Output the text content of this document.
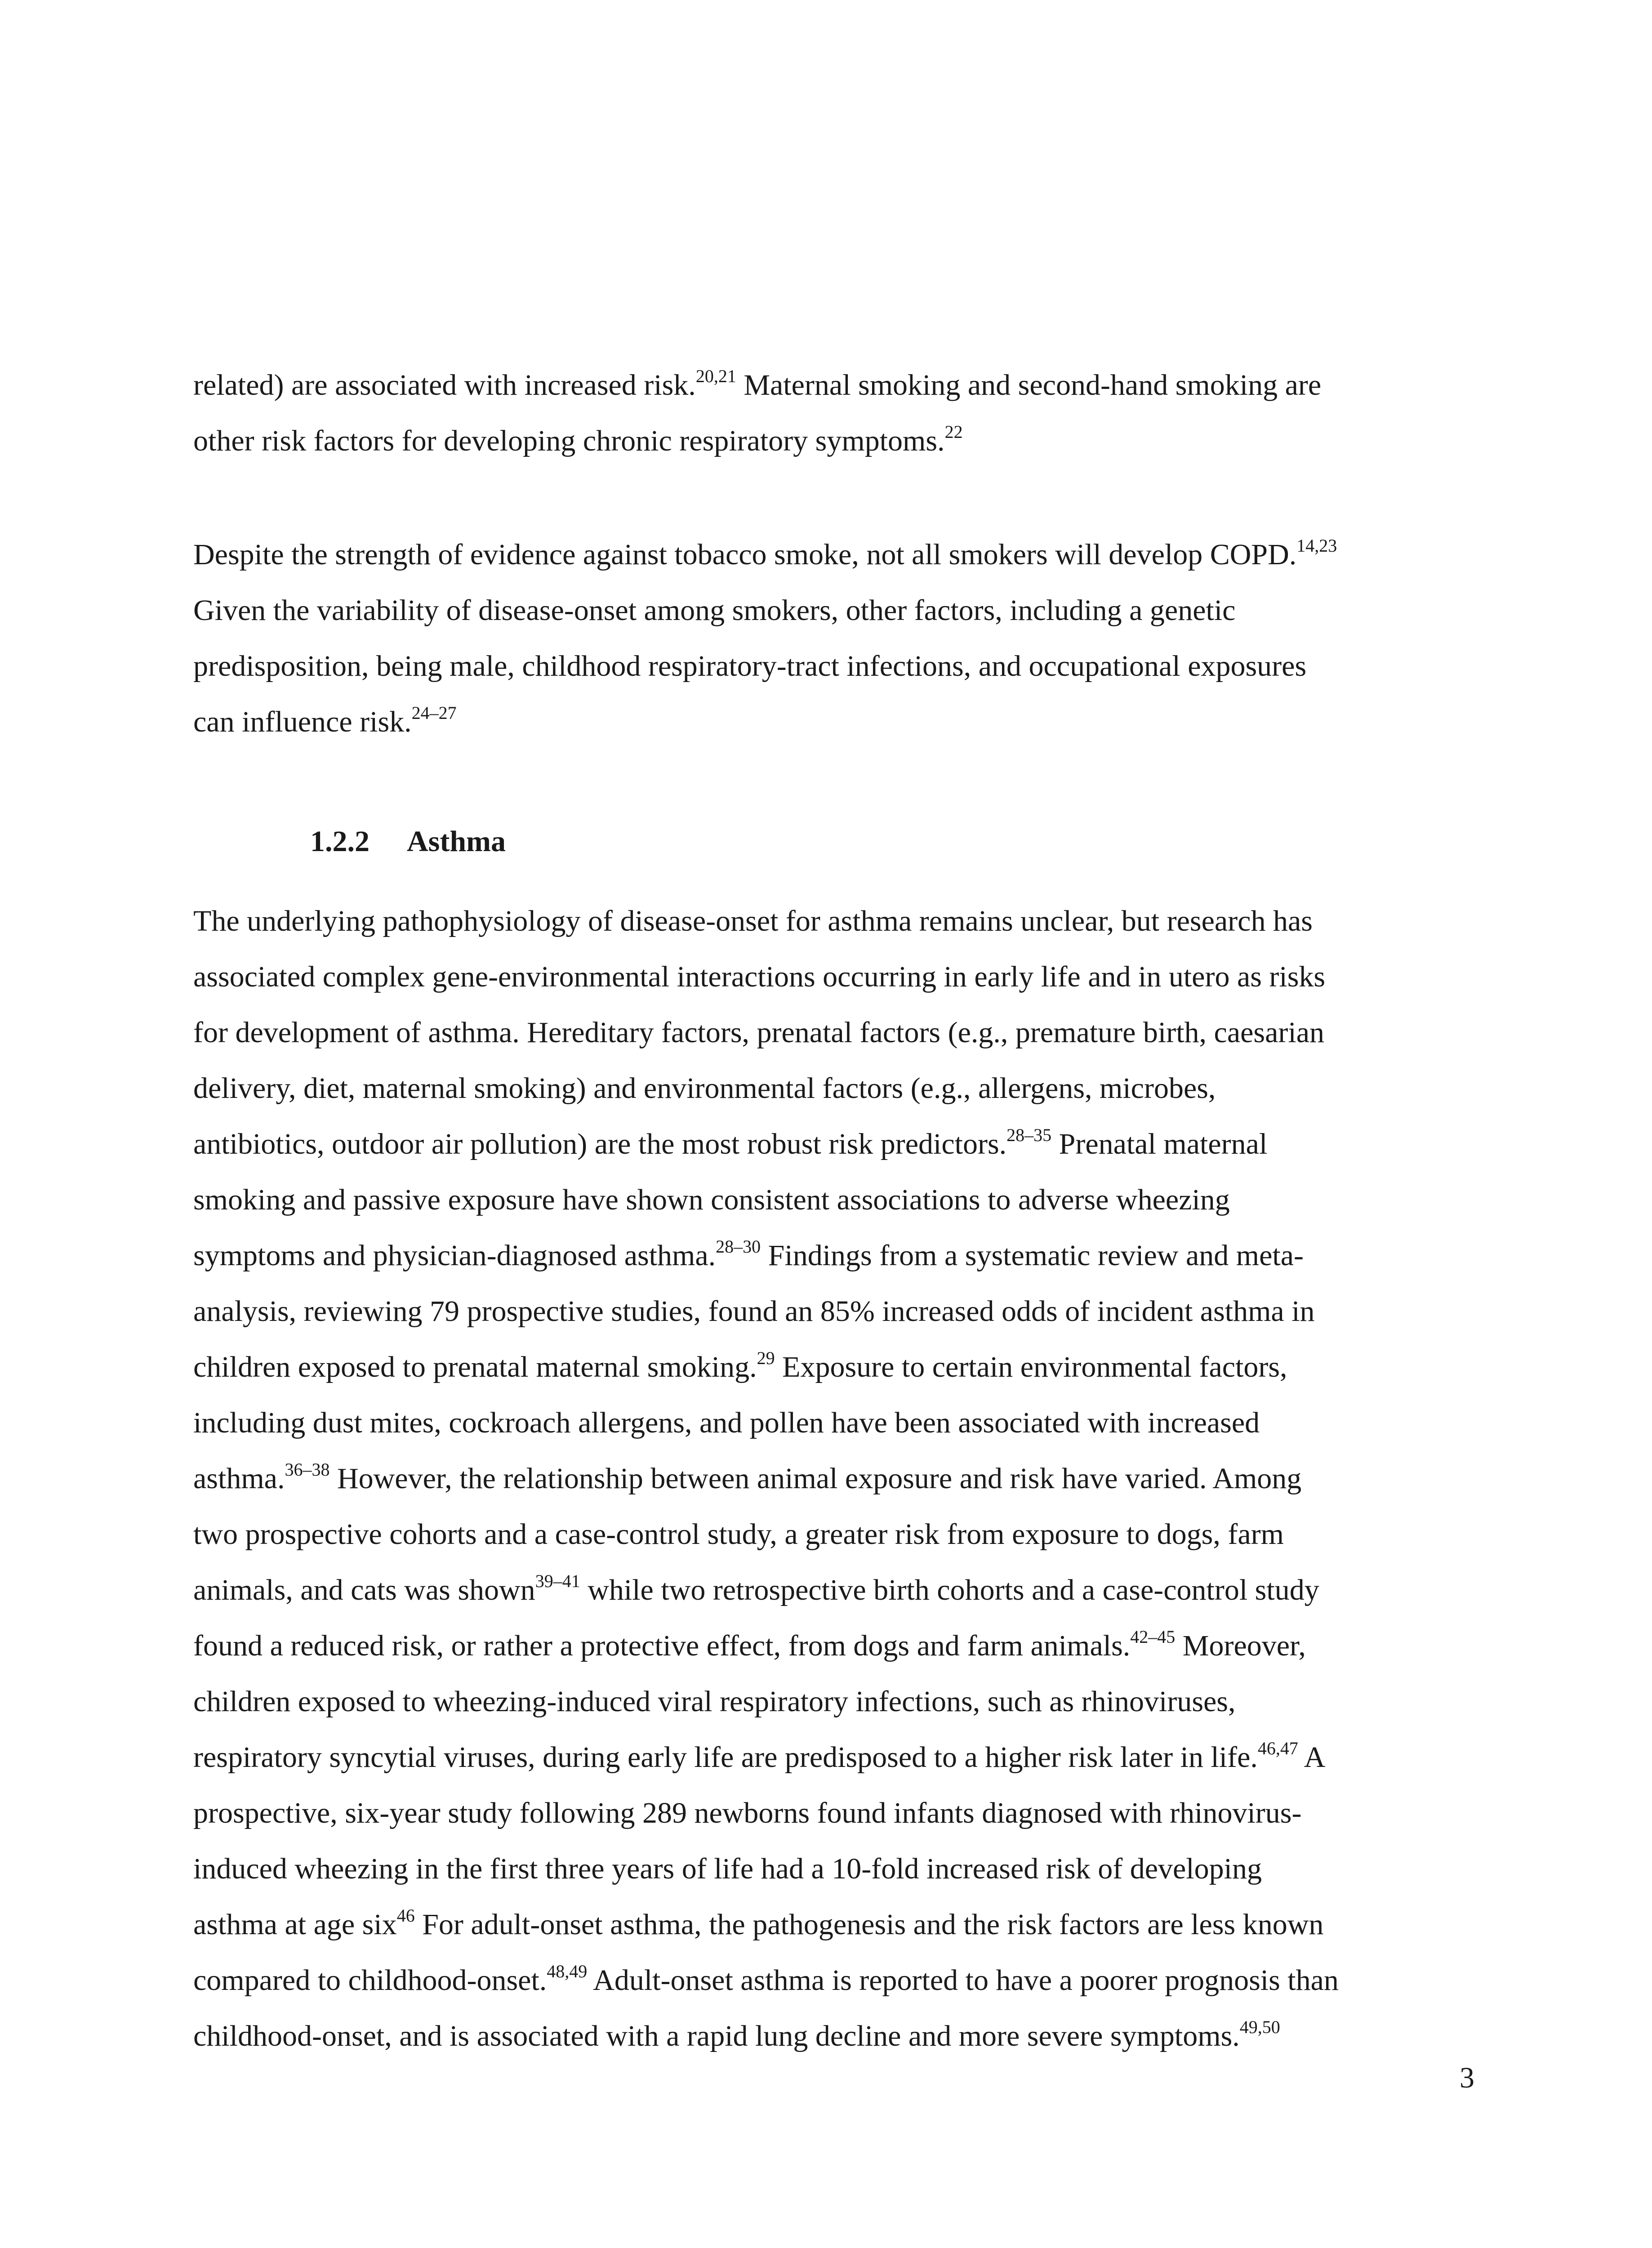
related) are associated with increased risk.$^{20,21}$ Maternal smoking and second-hand smoking are
other risk factors for developing chronic respiratory symptoms.$^{22}$
Despite the strength of evidence against tobacco smoke, not all smokers will develop COPD.$^{14,23}$
Given the variability of disease-onset among smokers, other factors, including a genetic
predisposition, being male, childhood respiratory-tract infections, and occupational exposures
can influence risk.$^{24-27}$
1.2.2 Asthma
The underlying pathophysiology of disease-onset for asthma remains unclear, but research has
associated complex gene-environmental interactions occurring in early life and in utero as risks
for development of asthma. Hereditary factors, prenatal factors (e.g., premature birth, caesarian
delivery, diet, maternal smoking) and environmental factors (e.g., allergens, microbes,
antibiotics, outdoor air pollution) are the most robust risk predictors.$^{28-35}$ Prenatal maternal
smoking and passive exposure have shown consistent associations to adverse wheezing
symptoms and physician-diagnosed asthma.$^{28-30}$ Findings from a systematic review and meta-
analysis, reviewing 79 prospective studies, found an 85% increased odds of incident asthma in
children exposed to prenatal maternal smoking.$^{29}$ Exposure to certain environmental factors,
including dust mites, cockroach allergens, and pollen have been associated with increased
asthma.$^{36-38}$ However, the relationship between animal exposure and risk have varied. Among
two prospective cohorts and a case-control study, a greater risk from exposure to dogs, farm
animals, and cats was shown$^{39-41}$ while two retrospective birth cohorts and a case-control study
found a reduced risk, or rather a protective effect, from dogs and farm animals.$^{42-45}$ Moreover,
children exposed to wheezing-induced viral respiratory infections, such as rhinoviruses,
respiratory syncytial viruses, during early life are predisposed to a higher risk later in life.$^{46,47}$ A
prospective, six-year study following 289 newborns found infants diagnosed with rhinovirus-
induced wheezing in the first three years of life had a 10-fold increased risk of developing
asthma at age six$^{46}$ For adult-onset asthma, the pathogenesis and the risk factors are less known
compared to childhood-onset.$^{48,49}$ Adult-onset asthma is reported to have a poorer prognosis than
childhood-onset, and is associated with a rapid lung decline and more severe symptoms.$^{49,50}$
3
